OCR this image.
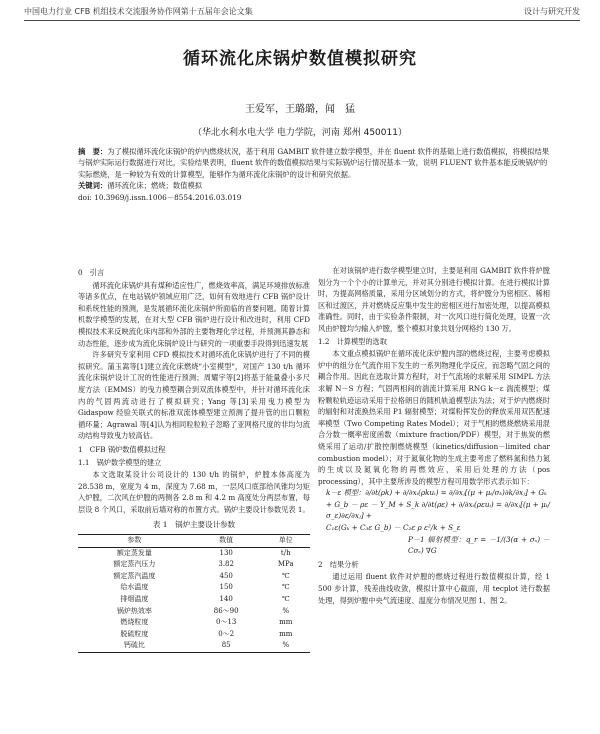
中国电力行业 CFB 机组技术交流服务协作网第十五届年会论文集	设计与研究开发
循环流化床锅炉数值模拟研究
王爱军，王璐璐，闻　猛
（华北水利水电大学 电力学院，河南 郑州 450011）

摘　要：为了模拟循环流化床锅炉的炉内燃烧状况，基于利用 GAMBIT 软件建立数学模型，并在 fluent 软件的基础上进行数值模拟，将模拟结果与锅炉实际运行数据进行对比，实验结果表明，fluent 软件的数值模拟结果与实际锅炉运行情况基本一致，说明 FLUENT 软件基本能反映锅炉的实际燃烧，是一种较为有效的计算模型，能够作为循环流化床锅炉的设计和研究依据。

关键词：循环流化床；燃烧；数值模拟

doi: 10.3969/j.issn.1006－8554.2016.03.019

0　引言

循环流化床锅炉具有煤种适应性广，燃烧效率高，满足环境排放标准等诸多优点，在电站锅炉领域应用广泛，如何有效地进行 CFB 锅炉设计和系统性能的预测，是发展循环流化床锅炉所面临的首要问题。随着计算机数学模型的发展，在对大型 CFB 锅炉进行设计和改进时，利用 CFD 模拟技术来反映流化床内部和外部的主要物理化学过程，并预测其静态和动态性能，逐步成为流化床锅炉设计与研究的一项重要手段得到迅速发展

许多研究专家利用 CFD 模拟技术对循环流化床锅炉进行了不同的模拟研究。蒲玉嵩等[1]建立流化床燃烧"小室模型"，对国产 130 t/h 循环流化床锅炉设计工况的性能进行预测；周耀宇等[2]将基于能量叠小多尺度方法（EMMS）的曳力模型耦合到双流体模型中，并针对循环流化床内的气固两流动进行了模拟研究；Yang 等[3]采用曳力模型为 Gidaspow 经验关联式的标准双流体模型建立预测了提升管的出口颗粒循环量；Agrawal 等[4]认为相同粒粒粒子忽略了亚网格尺度的非均匀流动结构导致曳力较高估。

1　CFB 锅炉数值模拟过程

1.1　锅炉数学模型的建立

本文选取某设计公司设计的 130 t/h 的锅炉，炉膛本体高度为 28.538 m，宽度为 4 m，深度为 7.68 m，一层风口底部给风锥均匀矩入炉膛，二次风在炉膛的两侧各 2.8 m 和 4.2 m 高度处分两层布置，每层设 8 个风口，采取前后墙对称的布置方式。锅炉主要设计参数见表 1。

表 1　锅炉主要设计参数
参数	数值	单位
额定蒸发量	130	t/h
额定蒸汽压力	3.82	MPa
额定蒸汽温度	450	℃
给水温度	150	℃
排烟温度	140	℃
锅炉热效率	86～90	%
燃烧粒度	0～13	mm
脱硫粒度	0～2	mm
钙硫比	85	%

在对该锅炉进行数学模型建立时，主要是利用 GAMBIT 软件将炉膛划分为一个个小的计算单元，并对其分别进行模拟计算。在进行模拟计算时，为提高网格质量，采用分区域划分的方式，将炉膛分为密相区、稀相区和过渡区，并对燃烧反应集中发生的密相区进行加密处理，以提高模拟准确性。同时，由于实验条件限制，对一次风口进行简化处理，设置一次风由炉膛均匀输入炉膛，整个模拟对象共划分网格约 130 万。

1.2　计算模型的选取

本文重点模拟锅炉在循环流化床炉膛内部的燃烧过程，主要考虑模拟炉中的组分在气流作用下发生的一系列物理化学反应，而忽略气固之间的耦合作用。因此在选取计算方程时，对于气流场的求解采用 SIMPL 方法求解 N－S 方程；气固两相间的湍流计算采用 RNG k－ε 湍流模型；煤粉颗粒轨迹运动采用于拉格朗日的随机轨道模型法为法；对于炉内燃烧时的辐射和对流换热采用 P1 辐射模型；对煤粉挥发份的释放采用双匹配速率模型（Two Competing Rates Model）；对于气相的燃烧燃烧采用混合分数一概率密度函数（mixture fraction/PDF）模型，对于焦炭的燃烧采用了运动/扩散控制燃烧模型（kinetics/diffusion－limited char combustion model）；对于氮氧化物的生成主要考虑了燃料氮和热力氮的生成以及氮氧化物的再燃效应，采用后处理的方法（pos processing），其中主要所涉及的模型方程可用数学形式表示如下：

k－ε 模型：∂/∂t(ρk) + ∂/∂xᵢ(ρkuᵢ) = ∂/∂xⱼ[(μ + μₜ/σₖ)∂k/∂xⱼ] + Gₖ

+ G_b － ρε － Y_M + S_k ∂/∂t(ρε) + ∂/∂xᵢ(ρεuᵢ) = ∂/∂xⱼ[(μ + μₜ/σ_ε)∂ε/∂xⱼ] +

C₁ε(Gₖ + C₃ε G_b) － C₂ε ρ ε²/k + S_ε

P－1 辐射模型：q_r = －1/(3(α + σₛ) － Cσₛ) ∇G

2　结果分析

通过运用 fluent 软件对炉膛的燃烧过程进行数值模拟计算，经 1 500 步计算，残差曲线收敛，模拟计算中心截面，用 tecplot 进行数据处理，得到炉膛中央气流速度、温度分布情况见图 1、图 2。
